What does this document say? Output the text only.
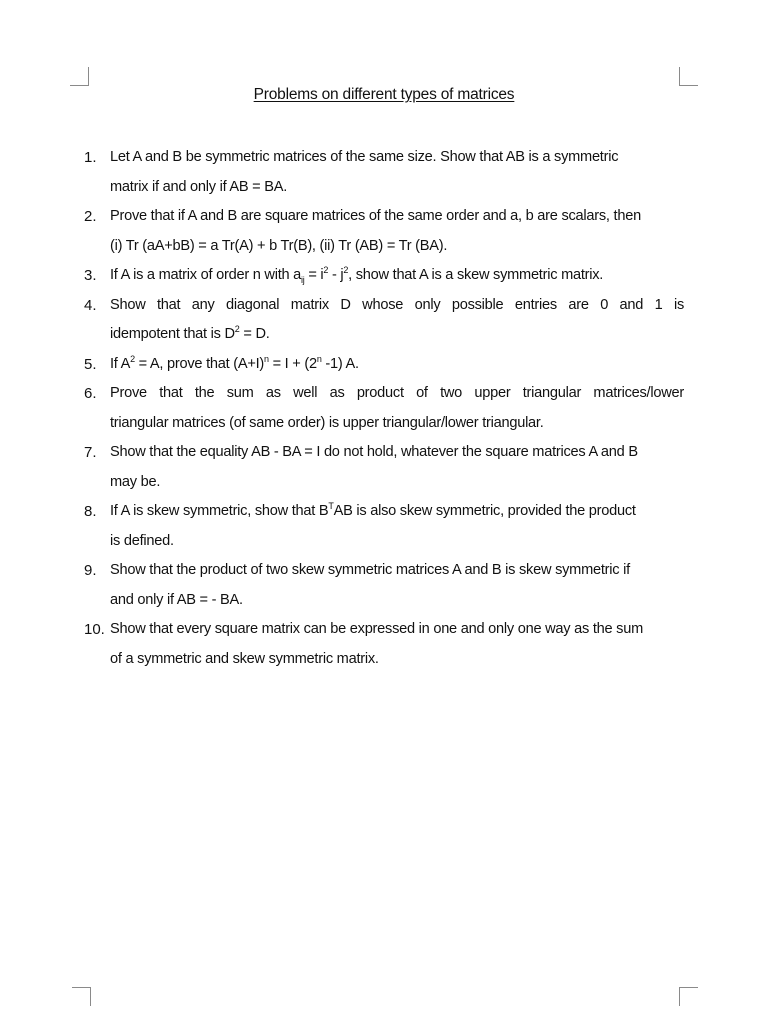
Problems on different types of matrices
1. Let A and B be symmetric matrices of the same size. Show that AB is a symmetric
matrix if and only if AB = BA.
2. Prove that if A and B are square matrices of the same order and a, b are scalars, then
(i) Tr (aA+bB) = a Tr(A) + b Tr(B), (ii) Tr (AB) = Tr (BA).
3. If A is a matrix of order n with $a_{ij} = i^2 - j^2$, show that A is a skew symmetric matrix.
4. Show that any diagonal matrix D whose only possible entries are 0 and 1 is
idempotent that is $D^2 = D$.
5. If $A^2 = A$, prove that $(A+I)^n = I + (2^n$ -1) A.
6. Prove that the sum as well as product of two upper triangular matrices/lower
triangular matrices (of same order) is upper triangular/lower triangular.
7. Show that the equality AB - BA = I do not hold, whatever the square matrices A and B
may be.
8. If A is skew symmetric, show that $B^TAB$ is also skew symmetric, provided the product
is defined.
9. Show that the product of two skew symmetric matrices A and B is skew symmetric if
and only if AB = - BA.
10. Show that every square matrix can be expressed in one and only one way as the sum
of a symmetric and skew symmetric matrix.
